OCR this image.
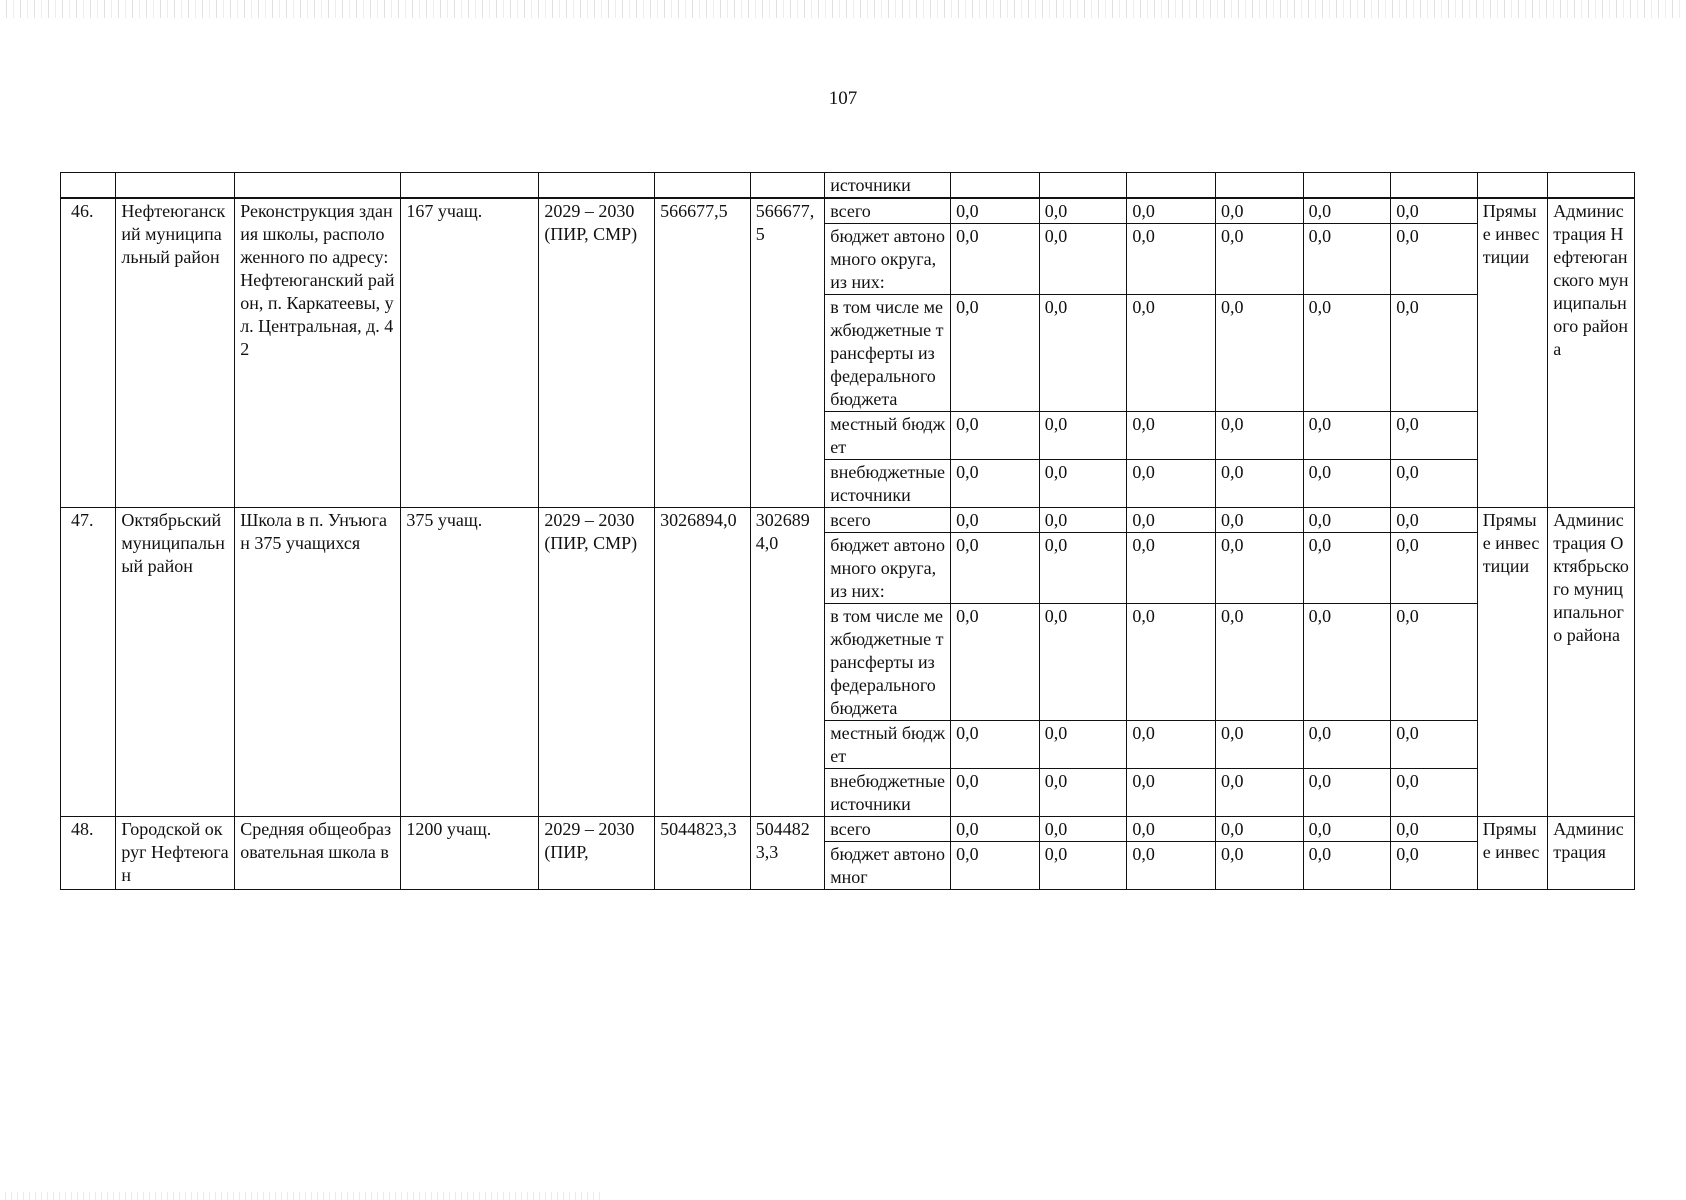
107
							источники								
46.	Нефтеюганский муниципальный район	Реконструкция здания школы, расположенного по адресу: Нефтеюганский район, п. Каркатеевы, ул. Центральная, д. 42	167 учащ.	2029 – 2030 (ПИР, СМР)	566677,5	566677,5	всего	0,0	0,0	0,0	0,0	0,0	0,0	Прямые инвестиции	Администрация Нефтеюганского муниципального района
							бюджет автономного округа, из них:	0,0	0,0	0,0	0,0	0,0	0,0		
							в том числе межбюджетные трансферты из федерального бюджета	0,0	0,0	0,0	0,0	0,0	0,0		
							местный бюджет	0,0	0,0	0,0	0,0	0,0	0,0		
							внебюджетные источники	0,0	0,0	0,0	0,0	0,0	0,0		
47.	Октябрьский муниципальный район	Школа в п. Унъюган 375 учащихся	375 учащ.	2029 – 2030 (ПИР, СМР)	3026894,0	3026894,0	всего	0,0	0,0	0,0	0,0	0,0	0,0	Прямые инвестиции	Администрация Октябрьского муниципального района
							бюджет автономного округа, из них:	0,0	0,0	0,0	0,0	0,0	0,0		
							в том числе межбюджетные трансферты из федерального бюджета	0,0	0,0	0,0	0,0	0,0	0,0		
							местный бюджет	0,0	0,0	0,0	0,0	0,0	0,0		
							внебюджетные источники	0,0	0,0	0,0	0,0	0,0	0,0		
48.	Городской округ Нефтеюган	Средняя общеобразовательная школа в	1200 учащ.	2029 – 2030 (ПИР,	5044823,3	5044823,3	всего	0,0	0,0	0,0	0,0	0,0	0,0	Прямые инвес	Администрация
							бюджет автономног	0,0	0,0	0,0	0,0	0,0	0,0		
